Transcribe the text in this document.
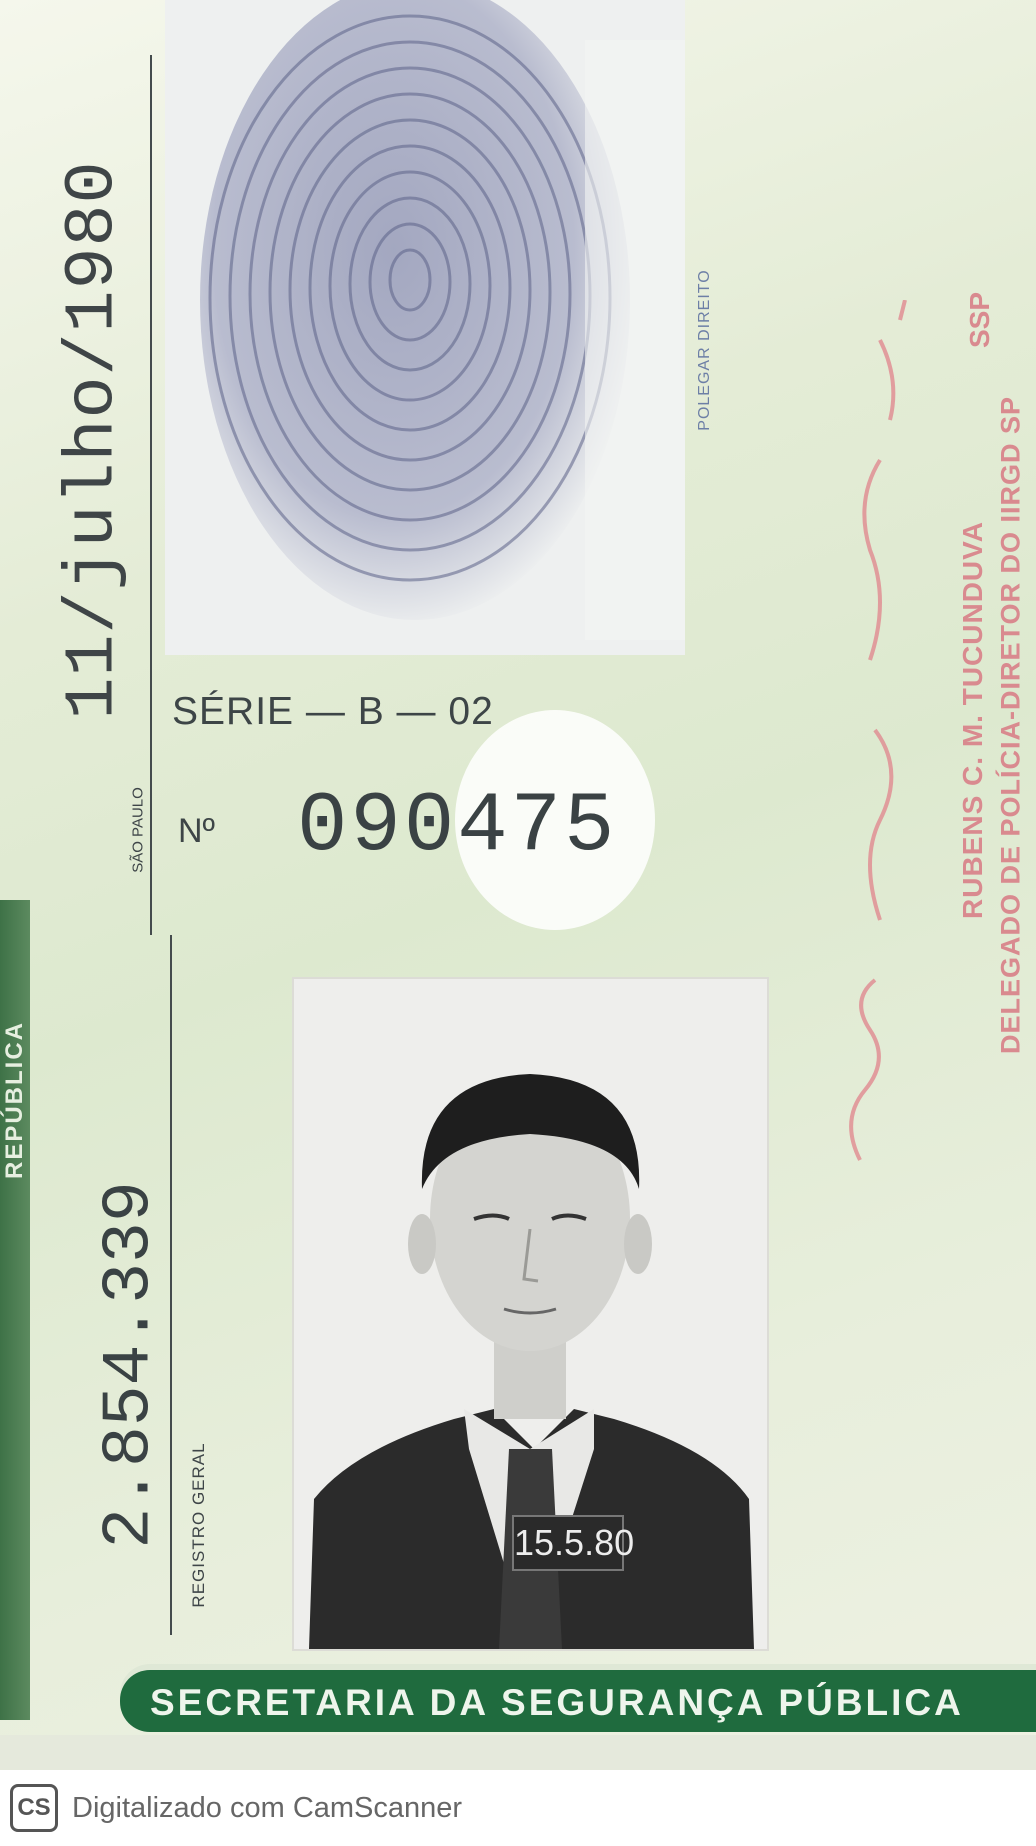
REPÚBLICA
POLEGAR DIREITO
11/julho/1980
SÃO PAULO
SÉRIE — B — 02
Nº 090475
2.854.339 REGISTRO GERAL	15.5.80
SSP
RUBENS C. M. TUCUNDUVA DELEGADO DE POLÍCIA-DIRETOR DO IIRGD SP
SECRETARIA DA SEGURANÇA PÚBLICA
CS Digitalizado com CamScanner
